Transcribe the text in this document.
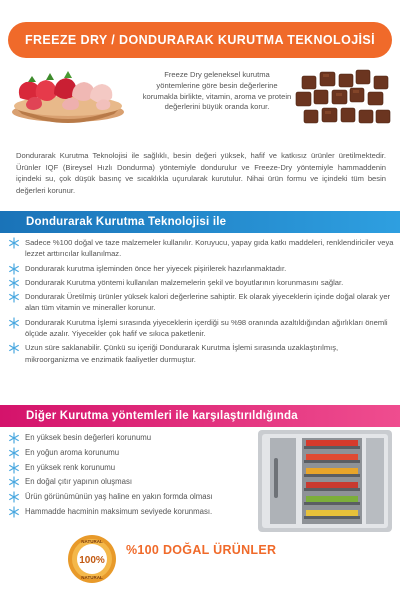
FREEZE DRY / DONDURARAK KURUTMA TEKNOLOJİSİ
Freeze Dry geleneksel kurutma yöntemlerine göre besin değerlerine korumakla birlikte, vitamin, aroma ve protein değerlerini büyük oranda korur.
Dondurarak Kurutma Teknolojisi ile sağlıklı, besin değeri yüksek, hafif ve katkısız ürünler üretilmektedir. Ürünler IQF (Bireysel Hızlı Dondurma) yöntemiyle dondurulur ve Freeze-Dry yöntemiyle hammaddenin içindeki su, çok düşük basınç ve sıcaklıkla uçurularak kurutulur. Nihai ürün formu ve içindeki tüm besin değerleri korunur.
Dondurarak Kurutma Teknolojisi ile
Sadece %100 doğal ve taze malzemeler kullanılır. Koruyucu, yapay gıda katkı maddeleri, renklendiriciler veya lezzet arttırıcılar kullanılmaz.
Dondurarak kurutma işleminden önce her yiyecek pişirilerek hazırlanmaktadır.
Dondurarak Kurutma yöntemi kullanılan malzemelerin şekil ve boyutlarının korunmasını sağlar.
Dondurarak Üretilmiş ürünler yüksek kalori değerlerine sahiptir. Ek olarak yiyeceklerin içinde doğal olarak yer alan tüm vitamin ve mineraller korunur.
Dondurarak Kurutma İşlemi sırasında yiyeceklerin içerdiği su %98 oranında azaltıldığından ağırlıkları önemli ölçüde azalır. Yiyecekler çok hafif ve sıkıca paketlenir.
Uzun süre saklanabilir. Çünkü su içeriği Dondurarak Kurutma İşlemi sırasında uzaklaştırılmış, mikroorganizma ve enzimatik faaliyetler durmuştur.
Diğer Kurutma yöntemleri ile karşılaştırıldığında
En yüksek besin değerleri korunumu
En yoğun aroma korunumu
En yüksek renk korunumu
En doğal çıtır yapının oluşması
Ürün görünümünün yaş haline en yakın formda olması
Hammadde hacminin maksimum seviyede korunması.
100%
NATURAL
NATURAL
%100 DOĞAL ÜRÜNLER
